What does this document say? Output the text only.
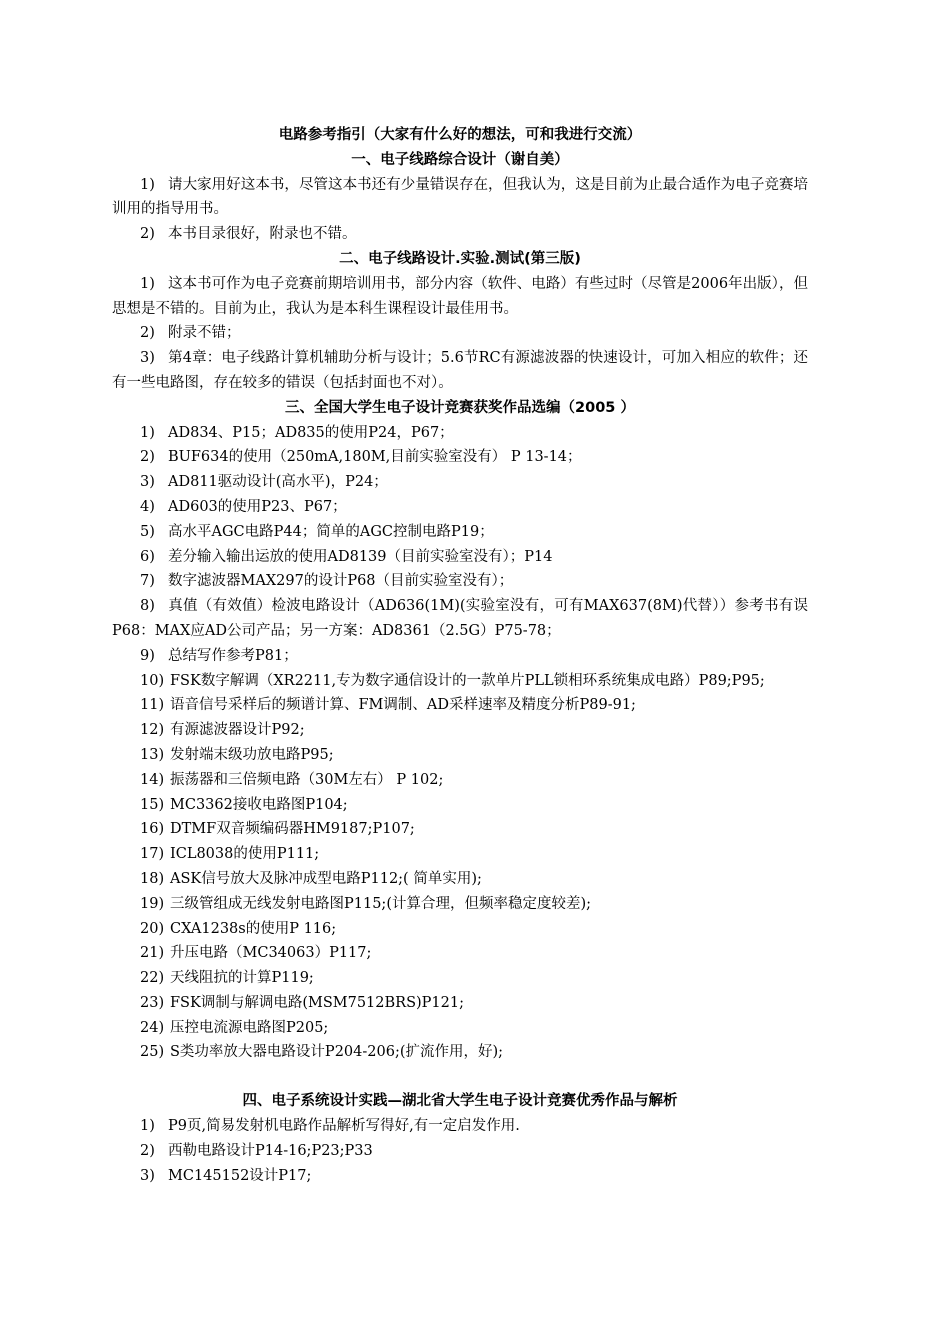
电路参考指引（大家有什么好的想法，可和我进行交流）

一、电子线路综合设计（谢自美）

1) 请大家用好这本书，尽管这本书还有少量错误存在，但我认为，这是目前为止最合适作为电子竞赛培训用的指导用书。

2) 本书目录很好，附录也不错。

二、电子线路设计.实验.测试(第三版)

1) 这本书可作为电子竞赛前期培训用书，部分内容（软件、电路）有些过时（尽管是2006年出版），但思想是不错的。目前为止，我认为是本科生课程设计最佳用书。

2) 附录不错；

3) 第4章：电子线路计算机辅助分析与设计；5.6节RC有源滤波器的快速设计，可加入相应的软件；还有一些电路图，存在较多的错误（包括封面也不对）。

三、全国大学生电子设计竞赛获奖作品选编（2005 ）

1) AD834、P15；AD835的使用P24，P67；

2) BUF634的使用（250mA,180M,目前实验室没有） P 13-14；

3) AD811驱动设计(高水平)，P24；

4) AD603的使用P23、P67；

5) 高水平AGC电路P44；简单的AGC控制电路P19；

6) 差分输入输出运放的使用AD8139（目前实验室没有）；P14

7) 数字滤波器MAX297的设计P68（目前实验室没有）；

8) 真值（有效值）检波电路设计（AD636(1M)(实验室没有，可有MAX637(8M)代替））参考书有误P68：MAX应AD公司产品；另一方案：AD8361（2.5G）P75-78；

9) 总结写作参考P81；

10) FSK数字解调（XR2211,专为数字通信设计的一款单片PLL锁相环系统集成电路）P89;P95;

11) 语音信号采样后的频谱计算、FM调制、AD采样速率及精度分析P89-91;

12) 有源滤波器设计P92;

13) 发射端末级功放电路P95;

14) 振荡器和三倍频电路（30M左右） P 102;

15) MC3362接收电路图P104;

16) DTMF双音频编码器HM9187;P107;

17) ICL8038的使用P111;

18) ASK信号放大及脉冲成型电路P112;( 简单实用);

19) 三级管组成无线发射电路图P115;(计算合理，但频率稳定度较差);

20) CXA1238s的使用P 116;

21) 升压电路（MC34063）P117;

22) 天线阻抗的计算P119;

23) FSK调制与解调电路(MSM7512BRS)P121;

24) 压控电流源电路图P205;

25) S类功率放大器电路设计P204-206;(扩流作用，好);

四、电子系统设计实践—湖北省大学生电子设计竞赛优秀作品与解析

1) P9页,简易发射机电路作品解析写得好,有一定启发作用.

2) 西勒电路设计P14-16;P23;P33

3) MC145152设计P17;
